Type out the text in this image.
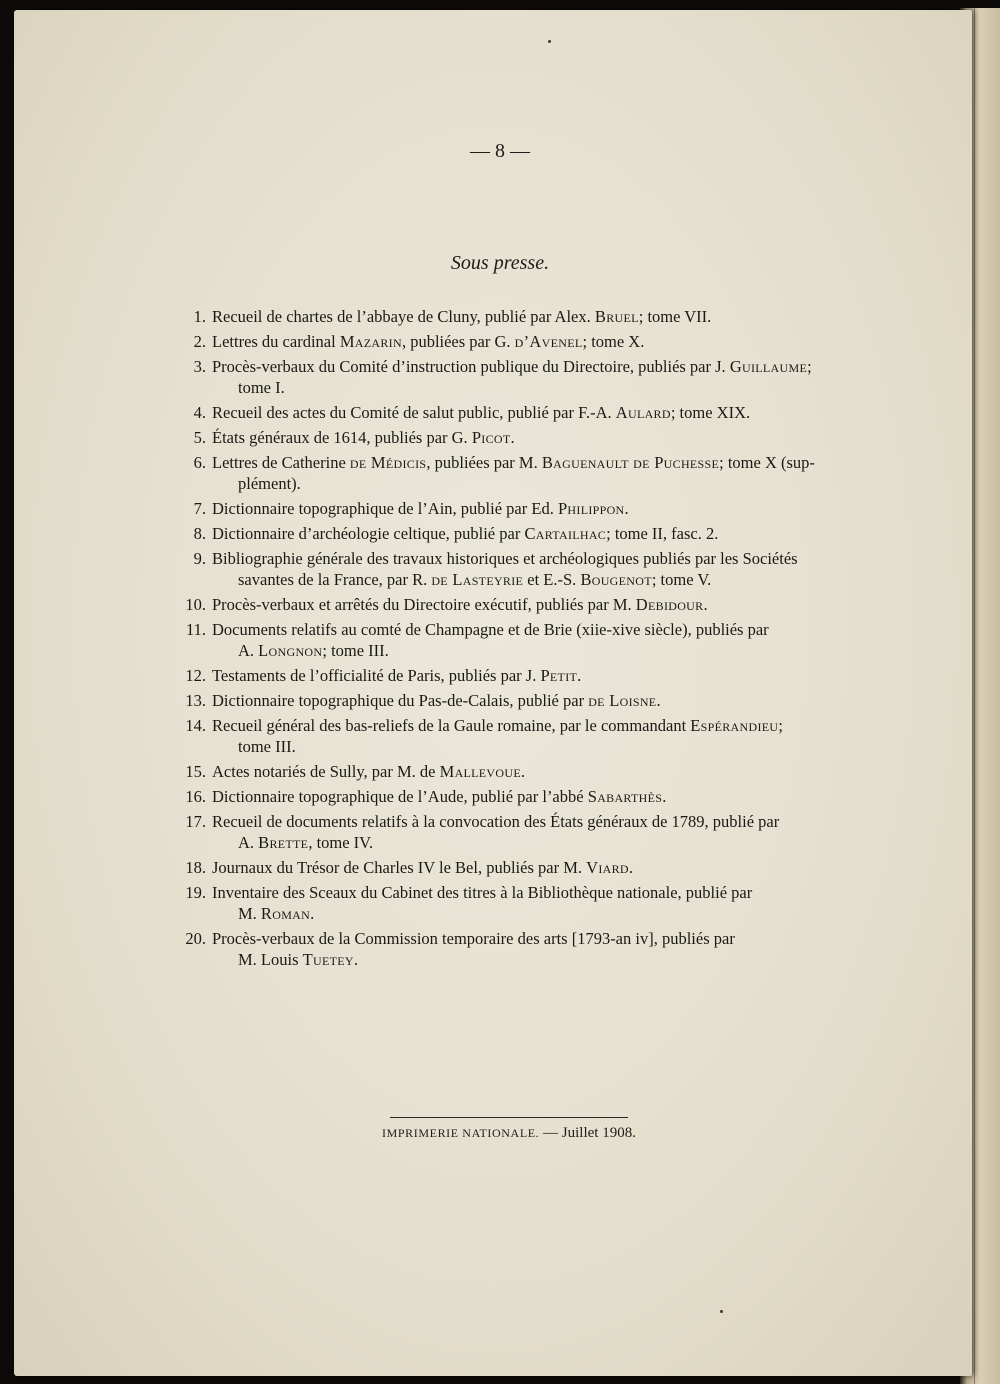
— 8 —
Sous presse.
1. Recueil de chartes de l’abbaye de Cluny, publié par Alex. Bruel; tome VII.
2. Lettres du cardinal Mazarin, publiées par G. d’Avenel; tome X.
3. Procès-verbaux du Comité d’instruction publique du Directoire, publiés par J. Guillaume;
tome I.
4. Recueil des actes du Comité de salut public, publié par F.-A. Aulard; tome XIX.
5. États généraux de 1614, publiés par G. Picot.
6. Lettres de Catherine de Médicis, publiées par M. Baguenault de Puchesse; tome X (sup-
plément).
7. Dictionnaire topographique de l’Ain, publié par Ed. Philippon.
8. Dictionnaire d’archéologie celtique, publié par Cartailhac; tome II, fasc. 2.
9. Bibliographie générale des travaux historiques et archéologiques publiés par les Sociétés
savantes de la France, par R. de Lasteyrie et E.-S. Bougenot; tome V.
10. Procès-verbaux et arrêtés du Directoire exécutif, publiés par M. Debidour.
11. Documents relatifs au comté de Champagne et de Brie (xiie-xive siècle), publiés par
A. Longnon; tome III.
12. Testaments de l’officialité de Paris, publiés par J. Petit.
13. Dictionnaire topographique du Pas-de-Calais, publié par de Loisne.
14. Recueil général des bas-reliefs de la Gaule romaine, par le commandant Espérandieu;
tome III.
15. Actes notariés de Sully, par M. de Mallevoue.
16. Dictionnaire topographique de l’Aude, publié par l’abbé Sabarthès.
17. Recueil de documents relatifs à la convocation des États généraux de 1789, publié par
A. Brette, tome IV.
18. Journaux du Trésor de Charles IV le Bel, publiés par M. Viard.
19. Inventaire des Sceaux du Cabinet des titres à la Bibliothèque nationale, publié par
M. Roman.
20. Procès-verbaux de la Commission temporaire des arts [1793-an iv], publiés par
M. Louis Tuetey.
IMPRIMERIE NATIONALE. — Juillet 1908.
